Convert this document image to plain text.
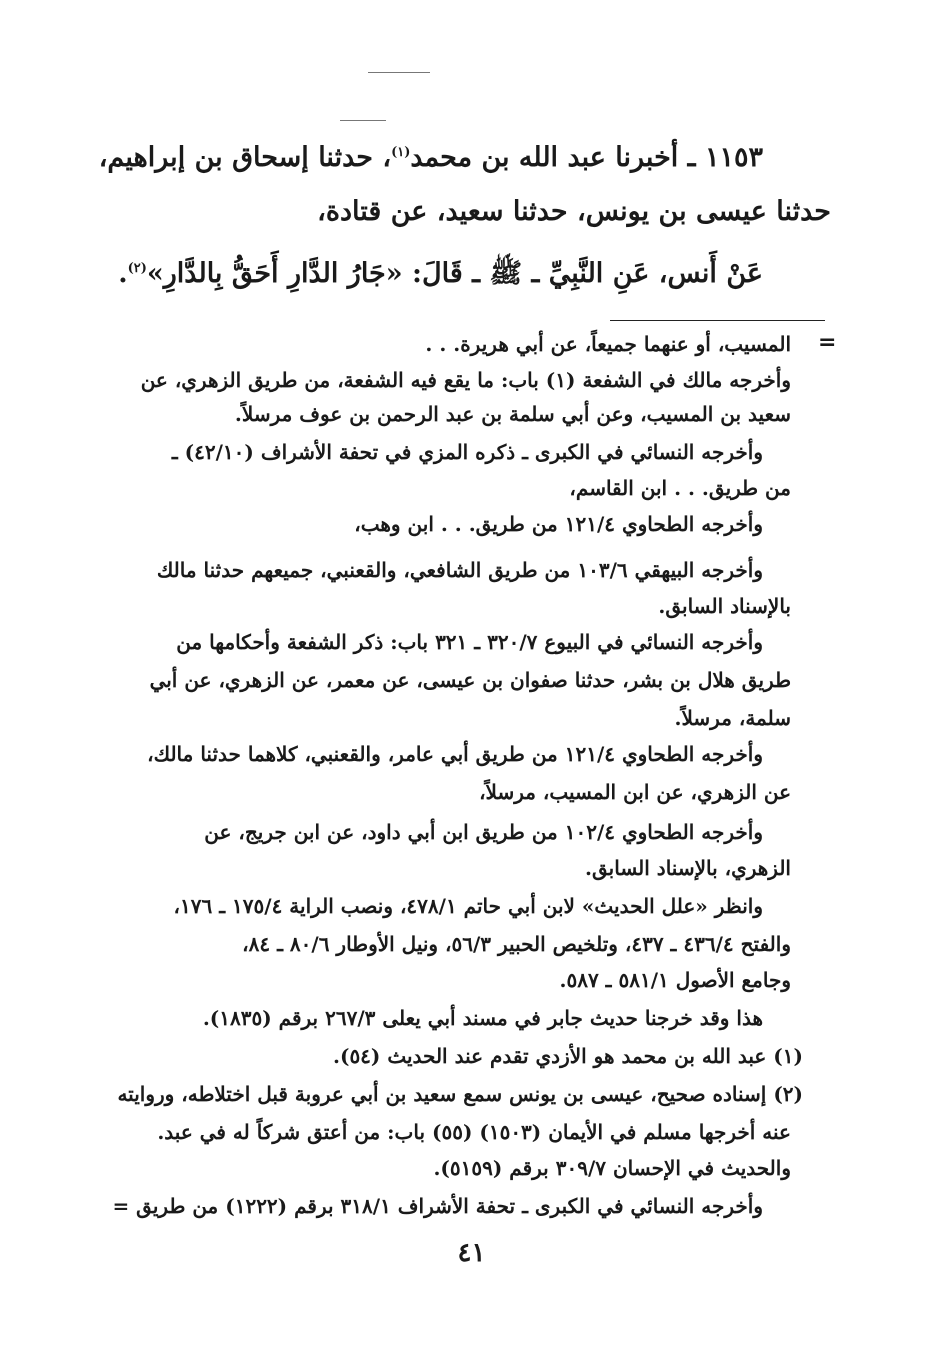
١١٥٣ ـ أخبرنا عبد الله بن محمد$^{(١)}$، حدثنا إسحاق بن إبراهيم،

حدثنا عيسى بن يونس، حدثنا سعيد، عن قتادة،

عَنْ أَنس، عَنِ النَّبِيِّ ـ ﷺ ـ قَالَ: «جَارُ الدَّارِ أَحَقُّ بِالدَّارِ»$^{(٢)}$.

=

المسيب، أو عنهما جميعاً، عن أبي هريرة. . .

وأخرجه مالك في الشفعة (١) باب: ما يقع فيه الشفعة، من طريق الزهري، عن

سعيد بن المسيب، وعن أبي سلمة بن عبد الرحمن بن عوف مرسلاً.

وأخرجه النسائي في الكبرى ـ ذكره المزي في تحفة الأشراف (٤٢/١٠) ـ

من طريق. . . ابن القاسم،

وأخرجه الطحاوي ١٢١/٤ من طريق. . . ابن وهب،

وأخرجه البيهقي ١٠٣/٦ من طريق الشافعي، والقعنبي، جميعهم حدثنا مالك

بالإسناد السابق.

وأخرجه النسائي في البيوع ٣٢٠/٧ ـ ٣٢١ باب: ذكر الشفعة وأحكامها من

طريق هلال بن بشر، حدثنا صفوان بن عيسى، عن معمر، عن الزهري، عن أبي

سلمة، مرسلاً.

وأخرجه الطحاوي ١٢١/٤ من طريق أبي عامر، والقعنبي، كلاهما حدثنا مالك،

عن الزهري، عن ابن المسيب، مرسلاً،

وأخرجه الطحاوي ١٠٢/٤ من طريق ابن أبي داود، عن ابن جريج، عن

الزهري، بالإسناد السابق.

وانظر «علل الحديث» لابن أبي حاتم ٤٧٨/١، ونصب الراية ١٧٥/٤ ـ ١٧٦،

والفتح ٤٣٦/٤ ـ ٤٣٧، وتلخيص الحبير ٥٦/٣، ونيل الأوطار ٨٠/٦ ـ ٨٤،

وجامع الأصول ٥٨١/١ ـ ٥٨٧.

هذا وقد خرجنا حديث جابر في مسند أبي يعلى ٢٦٧/٣ برقم (١٨٣٥).

(١) عبد الله بن محمد هو الأزدي تقدم عند الحديث (٥٤).

(٢) إسناده صحيح، عيسى بن يونس سمع سعيد بن أبي عروبة قبل اختلاطه، وروايته

عنه أخرجها مسلم في الأيمان (١٥٠٣) (٥٥) باب: من أعتق شركاً له في عبد.

والحديث في الإحسان ٣٠٩/٧ برقم (٥١٥٩).

وأخرجه النسائي في الكبرى ـ تحفة الأشراف ٣١٨/١ برقم (١٢٢٢) من طريق =

٤١
